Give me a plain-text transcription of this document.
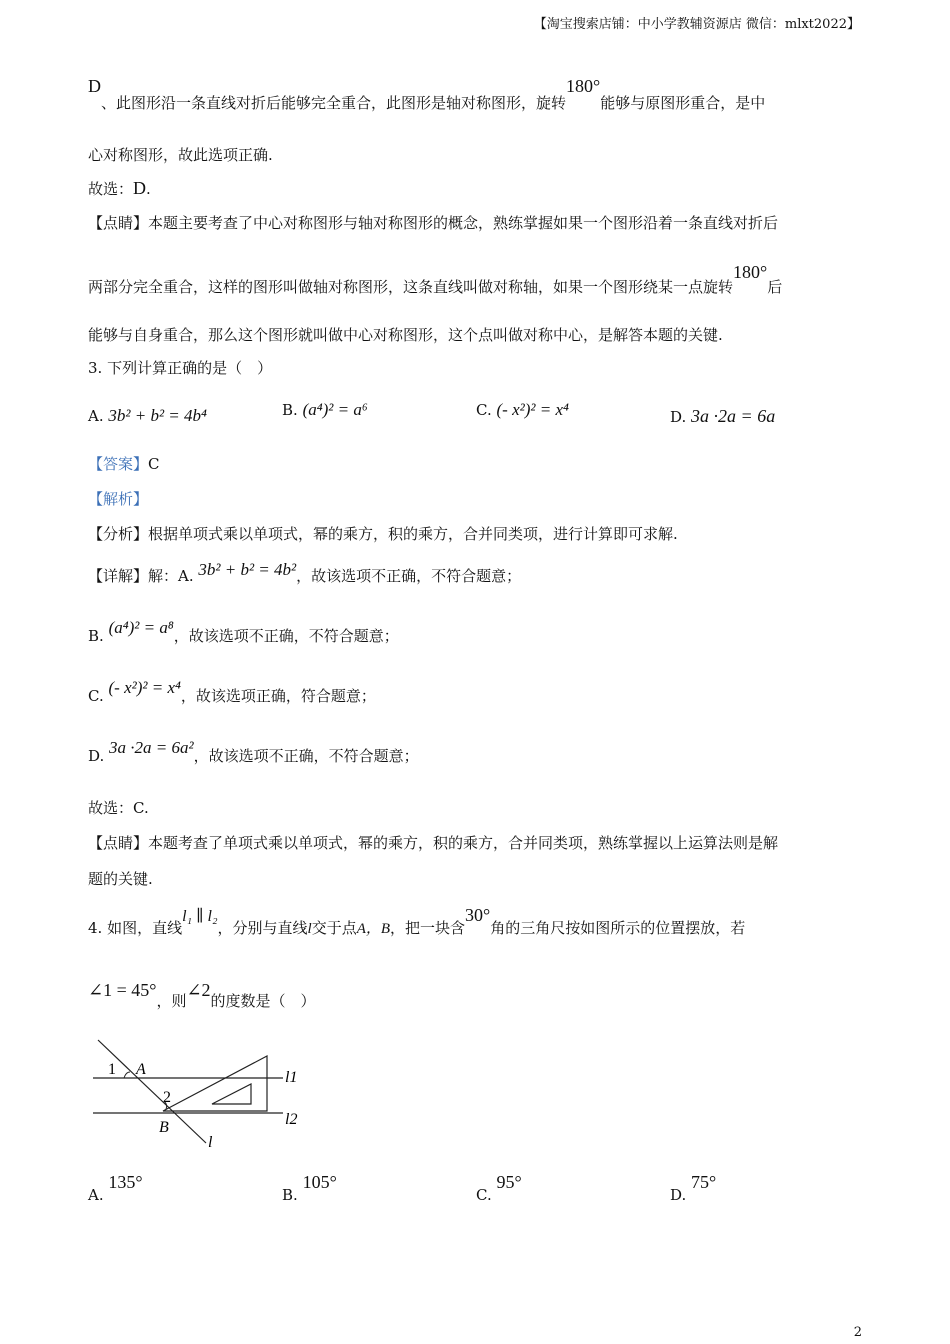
【淘宝搜索店铺：中小学教辅资源店 微信：mlxt2022】
D、此图形沿一条直线对折后能够完全重合，此图形是轴对称图形，旋转180°能够与原图形重合，是中
心对称图形，故此选项正确.
故选：D.
【点睛】本题主要考查了中心对称图形与轴对称图形的概念，熟练掌握如果一个图形沿着一条直线对折后
两部分完全重合，这样的图形叫做轴对称图形，这条直线叫做对称轴，如果一个图形绕某一点旋转180°后
能够与自身重合，那么这个图形就叫做中心对称图形，这个点叫做对称中心，是解答本题的关键.
3. 下列计算正确的是（　）
A. 3b² + b² = 4b⁴	B. (a⁴)² = a⁶	C. (- x²)² = x⁴	D. 3a ·2a = 6a
【答案】C
【解析】
【分析】根据单项式乘以单项式，幂的乘方，积的乘方，合并同类项，进行计算即可求解.
【详解】解：A. 3b² + b² = 4b²，故该选项不正确，不符合题意；
B. (a⁴)² = a⁸，故该选项不正确，不符合题意；
C. (- x²)² = x⁴，故该选项正确，符合题意；
D. 3a ·2a = 6a²，故该选项不正确，不符合题意；
故选：C.
【点睛】本题考查了单项式乘以单项式，幂的乘方，积的乘方，合并同类项，熟练掌握以上运算法则是解
题的关键.
4. 如图，直线l₁ ∥ l₂，分别与直线l交于点A，B，把一块含30°角的三角尺按如图所示的位置摆放，若
∠1 = 45°，则∠2的度数是（　）
1 A
2
B
l
l1
l2
A. 135°
B. 105°
C. 95°
D. 75°
2
